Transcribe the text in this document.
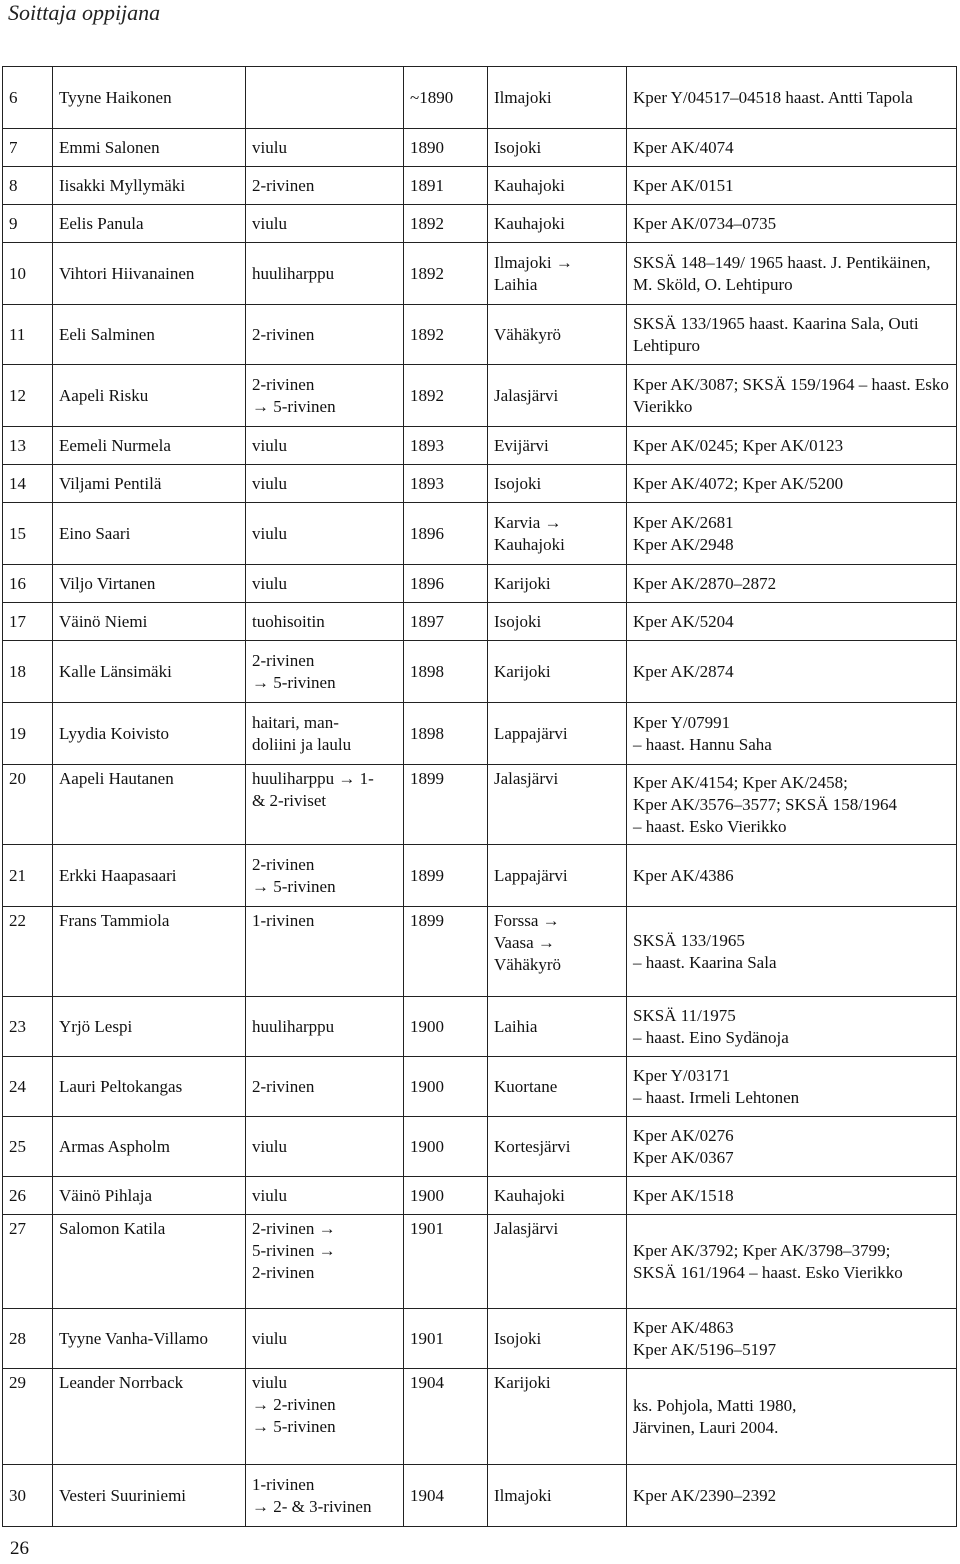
Soittaja oppijana
6	Tyyne Haikonen		~1890	Ilmajoki	Kper Y/04517–04518 haast. Antti Tapola
7	Emmi Salonen	viulu	1890	Isojoki	Kper AK/4074
8	Iisakki Myllymäki	2-rivinen	1891	Kauhajoki	Kper AK/0151
9	Eelis Panula	viulu	1892	Kauhajoki	Kper AK/0734–0735
10	Vihtori Hiivanainen	huuliharppu	1892	Ilmajoki → Laihia	SKSÄ 148–149/ 1965 haast. J. Pentikäinen, M. Sköld, O. Lehtipuro
11	Eeli Salminen	2-rivinen	1892	Vähäkyrö	SKSÄ 133/1965 haast. Kaarina Sala, Outi Lehtipuro
12	Aapeli Risku	2-rivinen
→ 5-rivinen	1892	Jalasjärvi	Kper AK/3087; SKSÄ 159/1964 – haast. Esko Vierikko
13	Eemeli Nurmela	viulu	1893	Evijärvi	Kper AK/0245; Kper AK/0123
14	Viljami Pentilä	viulu	1893	Isojoki	Kper AK/4072; Kper AK/5200
15	Eino Saari	viulu	1896	Karvia →
Kauhajoki	Kper AK/2681
Kper AK/2948
16	Viljo Virtanen	viulu	1896	Karijoki	Kper AK/2870–2872
17	Väinö Niemi	tuohisoitin	1897	Isojoki	Kper AK/5204
18	Kalle Länsimäki	2-rivinen
→ 5-rivinen	1898	Karijoki	Kper AK/2874
19	Lyydia Koivisto	haitari, man-
doliini ja laulu	1898	Lappajärvi	Kper Y/07991
– haast. Hannu Saha
20	Aapeli Hautanen	huuliharppu → 1-
& 2-riviset	1899	Jalasjärvi	Kper AK/4154; Kper AK/2458;
Kper AK/3576–3577; SKSÄ 158/1964
– haast. Esko Vierikko
21	Erkki Haapasaari	2-rivinen
→ 5-rivinen	1899	Lappajärvi	Kper AK/4386
22	Frans Tammiola	1-rivinen	1899	Forssa →
Vaasa →
Vähäkyrö	SKSÄ 133/1965
– haast. Kaarina Sala
23	Yrjö Lespi	huuliharppu	1900	Laihia	SKSÄ 11/1975
– haast. Eino Sydänoja
24	Lauri Peltokangas	2-rivinen	1900	Kuortane	Kper Y/03171
– haast. Irmeli Lehtonen
25	Armas Aspholm	viulu	1900	Kortesjärvi	Kper AK/0276
Kper AK/0367
26	Väinö Pihlaja	viulu	1900	Kauhajoki	Kper AK/1518
27	Salomon Katila	2-rivinen →
5-rivinen →
2-rivinen	1901	Jalasjärvi	Kper AK/3792; Kper AK/3798–3799;
SKSÄ 161/1964 – haast. Esko Vierikko
28	Tyyne Vanha-Villamo	viulu	1901	Isojoki	Kper AK/4863
Kper AK/5196–5197
29	Leander Norrback	viulu
→ 2-rivinen
→ 5-rivinen	1904	Karijoki	ks. Pohjola, Matti 1980,
Järvinen, Lauri 2004.
30	Vesteri Suuriniemi	1-rivinen
→ 2- & 3-rivinen	1904	Ilmajoki	Kper AK/2390–2392
26
